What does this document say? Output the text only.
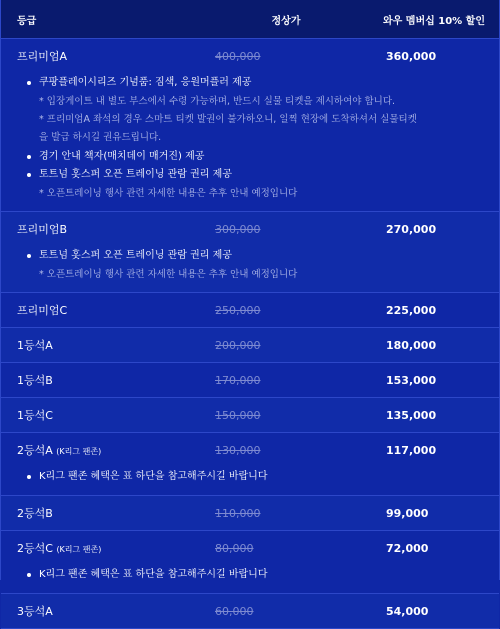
등급	정상가	와우 멤버십 10% 할인
프리미엄A	400,000	360,000
쿠팡플레이시리즈 기념품: 짐색, 응원머플러 제공
* 입장게이트 내 별도 부스에서 수령 가능하며, 반드시 실물 티켓을 제시하여야 합니다.
* 프리미엄A 좌석의 경우 스마트 티켓 발권이 불가하오니, 일찍 현장에 도착하셔서 실물티켓
을 발급 하시길 권유드립니다.
경기 안내 책자(매치데이 매거진) 제공
토트넘 홋스퍼 오픈 트레이닝 관람 권리 제공
* 오픈트레이닝 행사 관련 자세한 내용은 추후 안내 예정입니다
프리미엄B	300,000	270,000
토트넘 홋스퍼 오픈 트레이닝 관람 권리 제공
* 오픈트레이닝 행사 관련 자세한 내용은 추후 안내 예정입니다
프리미엄C	250,000	225,000
1등석A	200,000	180,000
1등석B	170,000	153,000
1등석C	150,000	135,000
2등석A (K리그 팬존)	130,000	117,000
K리그 팬존 혜택은 표 하단을 참고해주시길 바랍니다
2등석B	110,000	99,000
2등석C (K리그 팬존)	80,000	72,000
K리그 팬존 혜택은 표 하단을 참고해주시길 바랍니다
3등석A	60,000	54,000
